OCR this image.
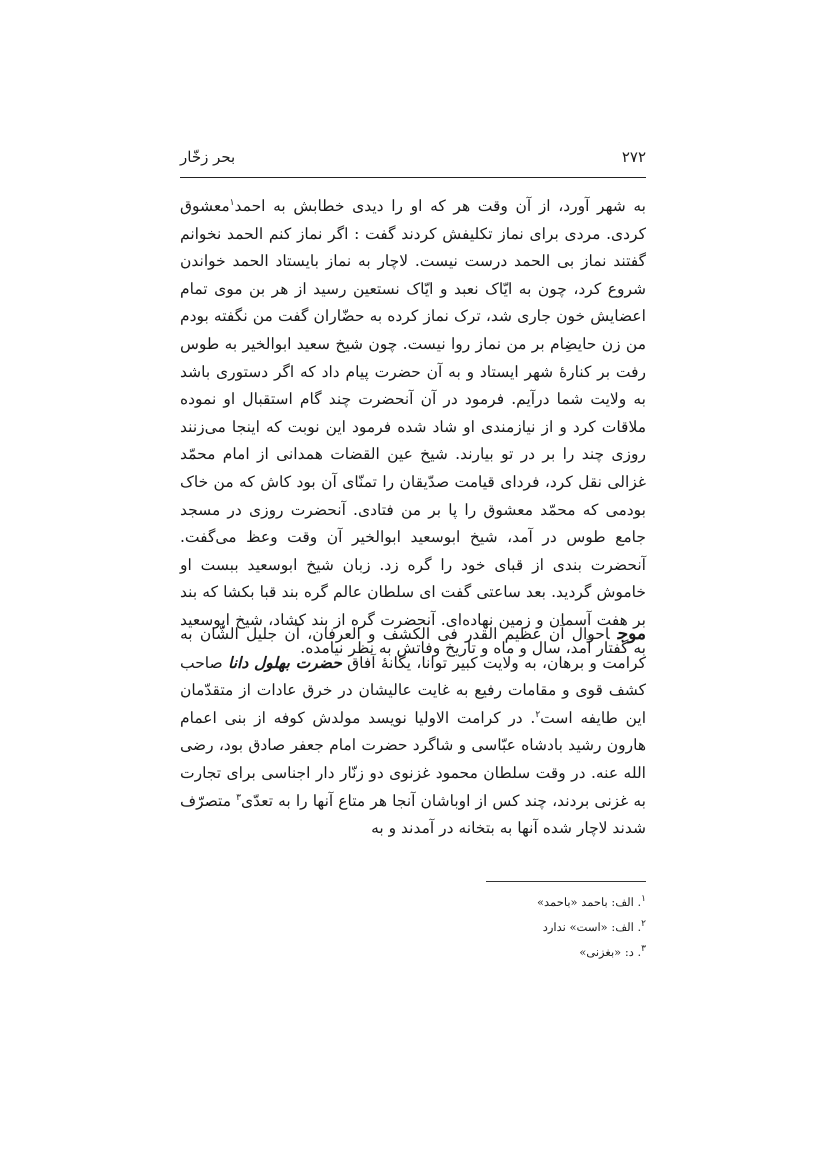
۲۷۲
بحر زخّار

به شهر آورد، از آن وقت هر که او را دیدی خطابش به احمد$^۱$معشوق کردی. مردی برای نماز تکلیفش کردند گفت : اگر نماز کنم الحمد نخوانم گفتند نماز بی الحمد درست نیست. لاچار به نماز بایستاد الحمد خواندن شروع کرد، چون به ایّاک نعبد و ایّاک نستعین رسید از هر بن موی تمام اعضایش خون جاری شد، ترک نماز کرده به حضّاران گفت من نگفته بودم من زن حایضِام بر من نماز روا نیست. چون شیخ سعید ابوالخیر به طوس رفت بر کنارهٔ شهر ایستاد و به آن حضرت پیام داد که اگر دستوری باشد به ولایت شما درآیم. فرمود در آن آنحضرت چند گام استقبال او نموده ملاقات کرد و از نیازمندی او شاد شده فرمود این نوبت که اینجا می‌زنند روزی چند را بر در تو بیارند. شیخ عین القضات همدانی از امام محمّد غزالی نقل کرد، فردای قیامت صدّیقان را تمنّای آن بود کاش که من خاک بودمی که محمّد معشوق را پا بر من فتادی. آنحضرت روزی در مسجد جامع طوس در آمد، شیخ ابوسعید ابوالخیر آن وقت وعظ می‌گفت. آنحضرت بندی از قبای خود را گره زد. زبان شیخ ابوسعید ببست او خاموش گردید. بعد ساعتی گفت ای سلطان عالم گره بند قبا بکشا که بند بر هفت آسمان و زمین نهاده‌ای. آنحضرت گره از بند کشاد، شیخ ابوسعید به گفتار آمد، سال و ماه و تاریخ وفاتش به نظر نیامده.

موجاحوال آن عظیم القدر فی الکشف و العرفان، آن جلیل الشّان به کرامت و برهان، به ولایت کبیر توانا، یگانهٔ آفاق حضرت بهلول دانا صاحب کشف قوی و مقامات رفیع به غایت عالیشان در خرق عادات از متقدّمان این طایفه است$^۲$. در کرامت الاولیا نویسد مولدش کوفه از بنی اعمام هارون رشید بادشاه عبّاسی و شاگرد حضرت امام جعفر صادق بود، رضی الله عنه. در وقت سلطان محمود غزنوی دو زنّار دار اجناسی برای تجارت به غزنی بردند، چند کس از اوباشان آنجا هر متاع آنها را به تعدّی$^۳$ متصرّف شدند لاچار شده آنها به بتخانه در آمدند و به

$^۱$. الف: باحمد «باحمد»
$^۲$. الف: «است» ندارد
$^۳$. د: «بغزنی»
